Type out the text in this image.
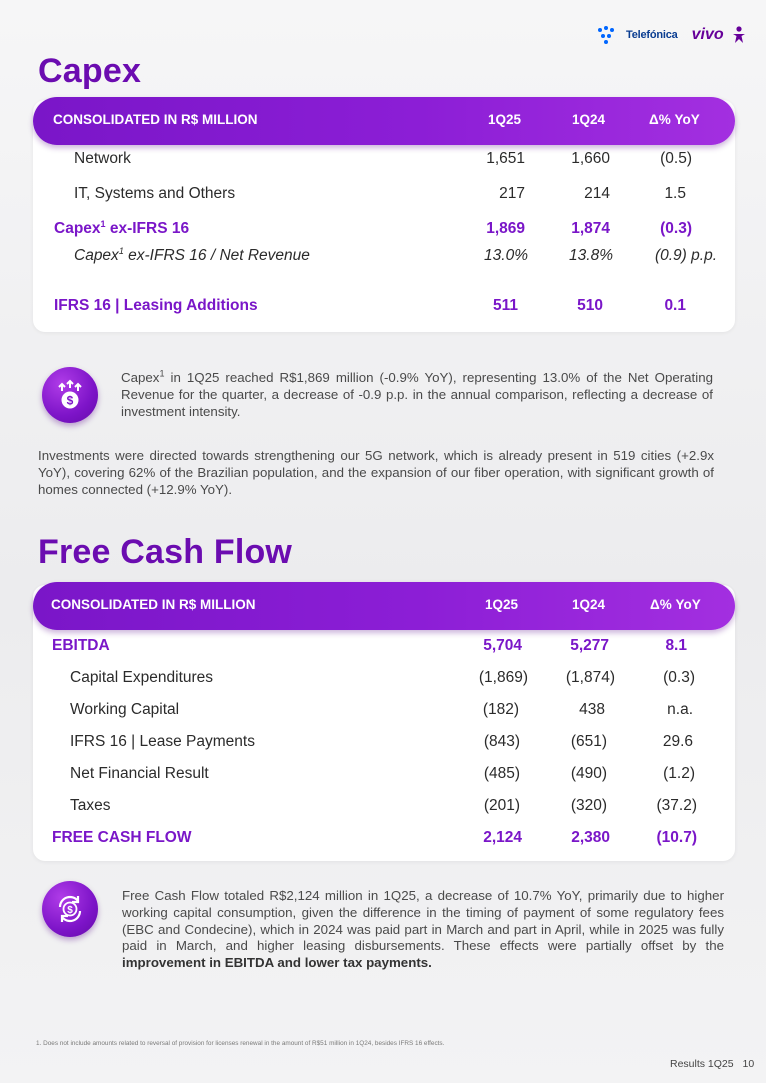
Telefónica vivo
Capex
CONSOLIDATED IN R$ MILLION	1Q25	1Q24	Δ% YoY
Network	1,651	1,660	(0.5)
IT, Systems and Others	217	214	1.5
Capex$^1$ ex-IFRS 16	1,869	1,874	(0.3)
Capex$^1$ ex-IFRS 16 / Net Revenue	13.0%	13.8%	(0.9) p.p.
IFRS 16 | Leasing Additions	511	510	0.1
$
Capex$^1$ in 1Q25 reached R$1,869 million (-0.9% YoY), representing 13.0% of the Net Operating Revenue for the quarter, a decrease of -0.9 p.p. in the annual comparison, reflecting a decrease of investment intensity.
Investments were directed towards strengthening our 5G network, which is already present in 519 cities (+2.9x YoY), covering 62% of the Brazilian population, and the expansion of our fiber operation, with significant growth of homes connected (+12.9% YoY).
Free Cash Flow
CONSOLIDATED IN R$ MILLION	1Q25	1Q24	Δ% YoY
EBITDA	5,704	5,277	8.1
Capital Expenditures	(1,869)	(1,874)	(0.3)
Working Capital	(182)	438	n.a.
IFRS 16 | Lease Payments	(843)	(651)	29.6
Net Financial Result	(485)	(490)	(1.2)
Taxes	(201)	(320)	(37.2)
FREE CASH FLOW	2,124	2,380	(10.7)
$
Free Cash Flow totaled R$2,124 million in 1Q25, a decrease of 10.7% YoY, primarily due to higher working capital consumption, given the difference in the timing of payment of some regulatory fees (EBC and Condecine), which in 2024 was paid part in March and part in April, while in 2025 was fully paid in March, and higher leasing disbursements. These effects were partially offset by the improvement in EBITDA and lower tax payments.
1. Does not include amounts related to reversal of provision for licenses renewal in the amount of R$51 million in 1Q24, besides IFRS 16 effects.
Results 1Q25 10
